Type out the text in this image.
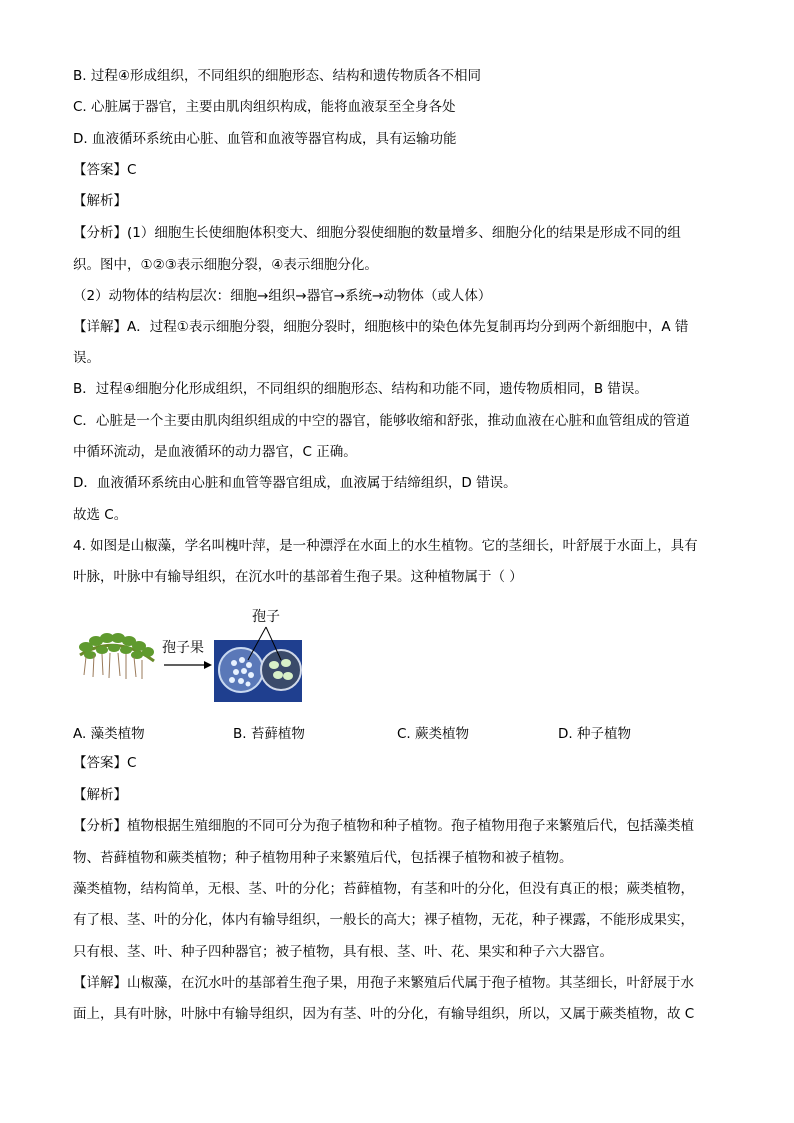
B. 过程④形成组织，不同组织的细胞形态、结构和遗传物质各不相同
C. 心脏属于器官，主要由肌肉组织构成，能将血液泵至全身各处
D. 血液循环系统由心脏、血管和血液等器官构成，具有运输功能
【答案】C
【解析】
【分析】(1）细胞生长使细胞体积变大、细胞分裂使细胞的数量增多、细胞分化的结果是形成不同的组
织。图中，①②③表示细胞分裂，④表示细胞分化。
（2）动物体的结构层次：细胞→组织→器官→系统→动物体（或人体）
【详解】A．过程①表示细胞分裂，细胞分裂时，细胞核中的染色体先复制再均分到两个新细胞中，A 错
误。
B．过程④细胞分化形成组织，不同组织的细胞形态、结构和功能不同，遗传物质相同，B 错误。
C．心脏是一个主要由肌肉组织组成的中空的器官，能够收缩和舒张，推动血液在心脏和血管组成的管道
中循环流动，是血液循环的动力器官，C 正确。
D．血液循环系统由心脏和血管等器官组成，血液属于结缔组织，D 错误。
故选 C。
4. 如图是山椒藻，学名叫槐叶萍，是一种漂浮在水面上的水生植物。它的茎细长，叶舒展于水面上，具有
叶脉，叶脉中有输导组织，在沉水叶的基部着生孢子果。这种植物属于（ ）
孢子
孢子果
A. 藻类植物	B. 苔藓植物	C. 蕨类植物	D. 种子植物
【答案】C
【解析】
【分析】植物根据生殖细胞的不同可分为孢子植物和种子植物。孢子植物用孢子来繁殖后代，包括藻类植
物、苔藓植物和蕨类植物；种子植物用种子来繁殖后代，包括裸子植物和被子植物。
藻类植物，结构简单，无根、茎、叶的分化；苔藓植物，有茎和叶的分化，但没有真正的根；蕨类植物，
有了根、茎、叶的分化，体内有输导组织，一般长的高大；裸子植物，无花，种子裸露，不能形成果实，
只有根、茎、叶、种子四种器官；被子植物，具有根、茎、叶、花、果实和种子六大器官。
【详解】山椒藻，在沉水叶的基部着生孢子果，用孢子来繁殖后代属于孢子植物。其茎细长，叶舒展于水
面上，具有叶脉，叶脉中有输导组织，因为有茎、叶的分化，有输导组织，所以，又属于蕨类植物，故 C
